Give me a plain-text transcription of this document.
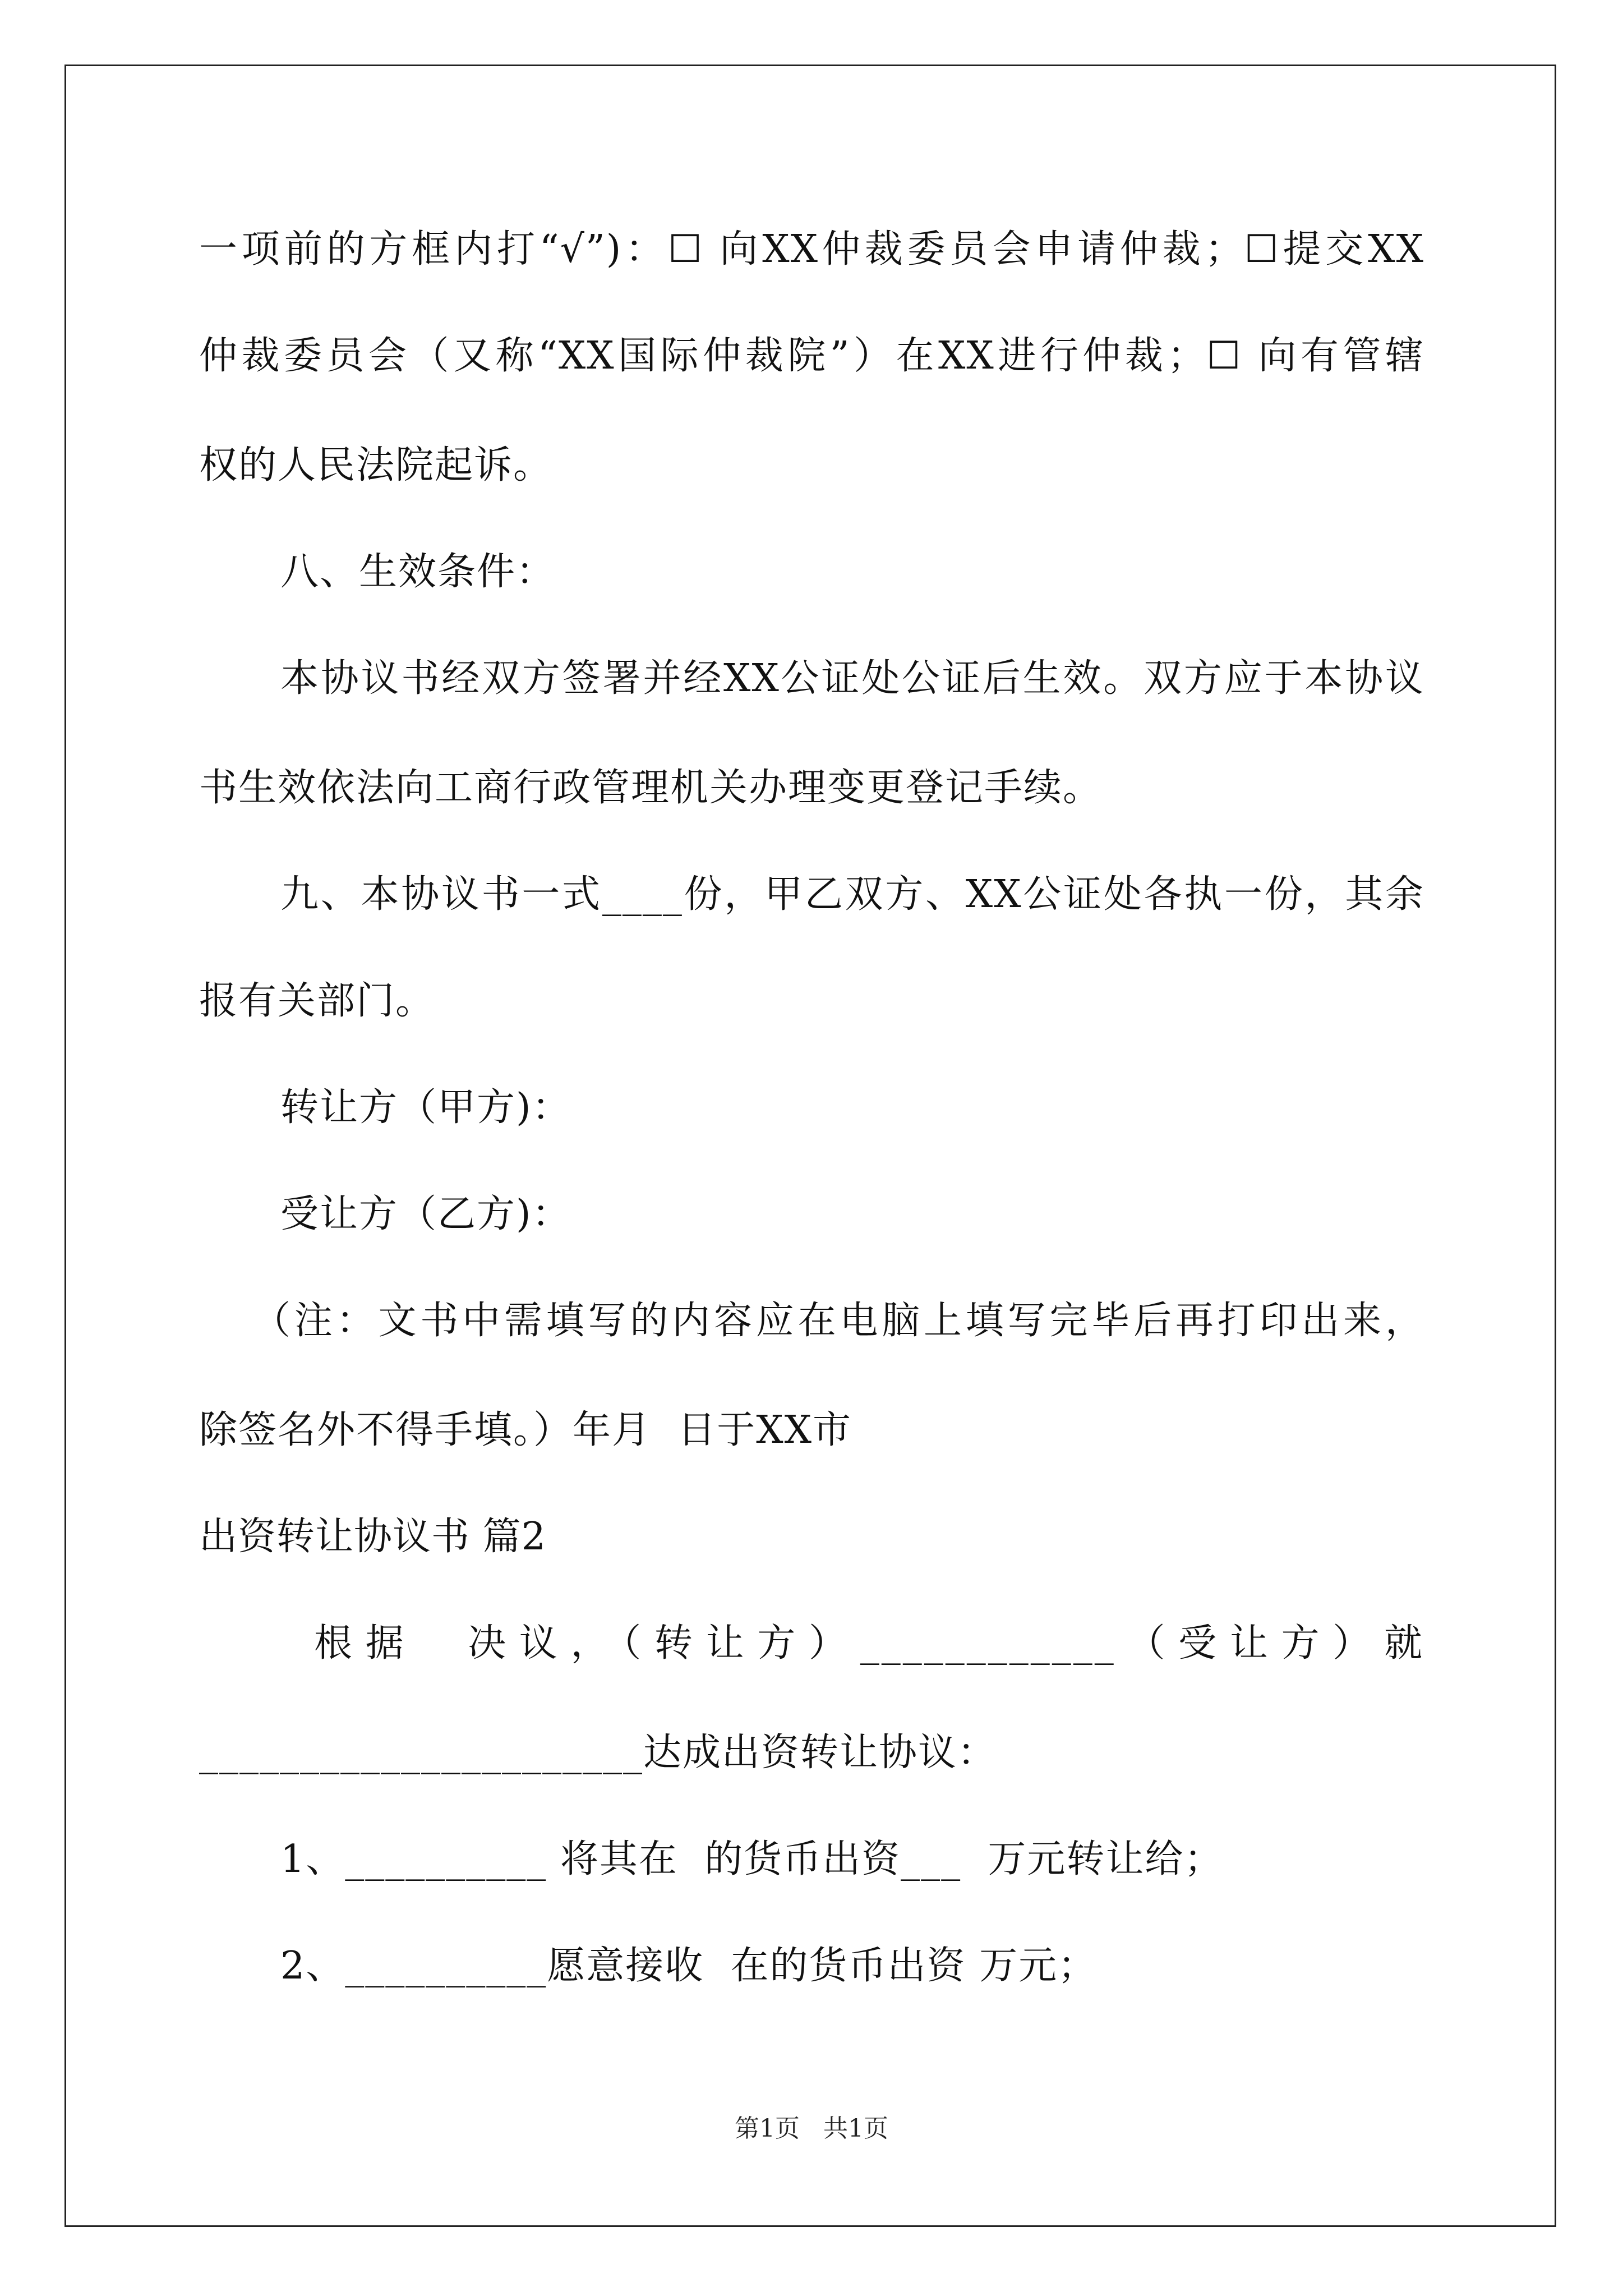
一项前的方框内打“√”)：☐ 向XX仲裁委员会申请仲裁；☐提交XX
仲裁委员会（又称“XX国际仲裁院”）在XX进行仲裁；☐ 向有管辖
权的人民法院起诉。
八、生效条件：
本协议书经双方签署并经XX公证处公证后生效。双方应于本协议
书生效依法向工商行政管理机关办理变更登记手续。
九、本协议书一式____份，甲乙双方、XX公证处各执一份，其余
报有关部门。
转让方（甲方)：
受让方（乙方)：
（注：文书中需填写的内容应在电脑上填写完毕后再打印出来，
除签名外不得手填。）年月  日于XX市
出资转让协议书 篇2
根据  决议，（转让方）____________（受让方）就
______________________达成出资转让协议：
1、__________ 将其在  的货币出资___  万元转让给；
2、__________愿意接收  在的货币出资 万元；
第1页   共1页
